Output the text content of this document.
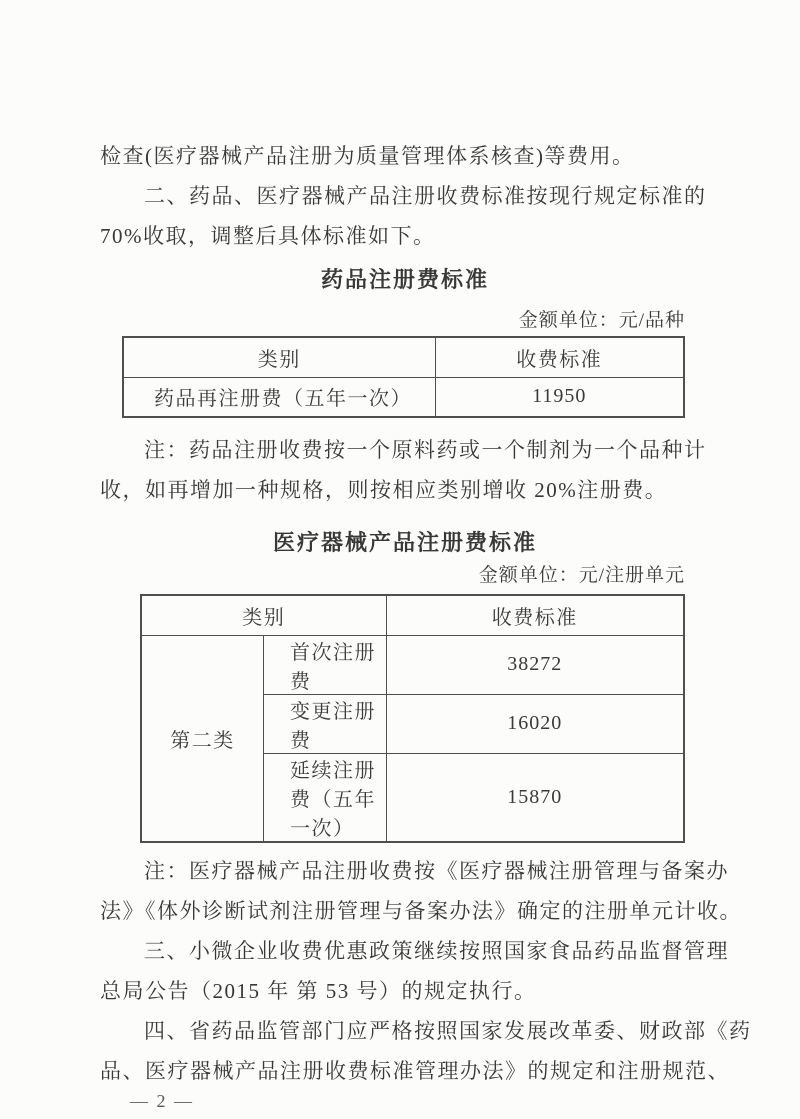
检查(医疗器械产品注册为质量管理体系核查)等费用。
二、药品、医疗器械产品注册收费标准按现行规定标准的
70%收取，调整后具体标准如下。
药品注册费标准
金额单位：元/品种
类别	收费标准
药品再注册费（五年一次）	11950
注：药品注册收费按一个原料药或一个制剂为一个品种计
收，如再增加一种规格，则按相应类别增收 20%注册费。
医疗器械产品注册费标准
金额单位：元/注册单元
类别		收费标准
第二类	首次注册费	38272
	变更注册费	16020
	延续注册费（五年一次）	15870
注：医疗器械产品注册收费按《医疗器械注册管理与备案办
法》《体外诊断试剂注册管理与备案办法》确定的注册单元计收。
三、小微企业收费优惠政策继续按照国家食品药品监督管理
总局公告（2015 年 第 53 号）的规定执行。
四、省药品监管部门应严格按照国家发展改革委、财政部《药
品、医疗器械产品注册收费标准管理办法》的规定和注册规范、
— 2 —
